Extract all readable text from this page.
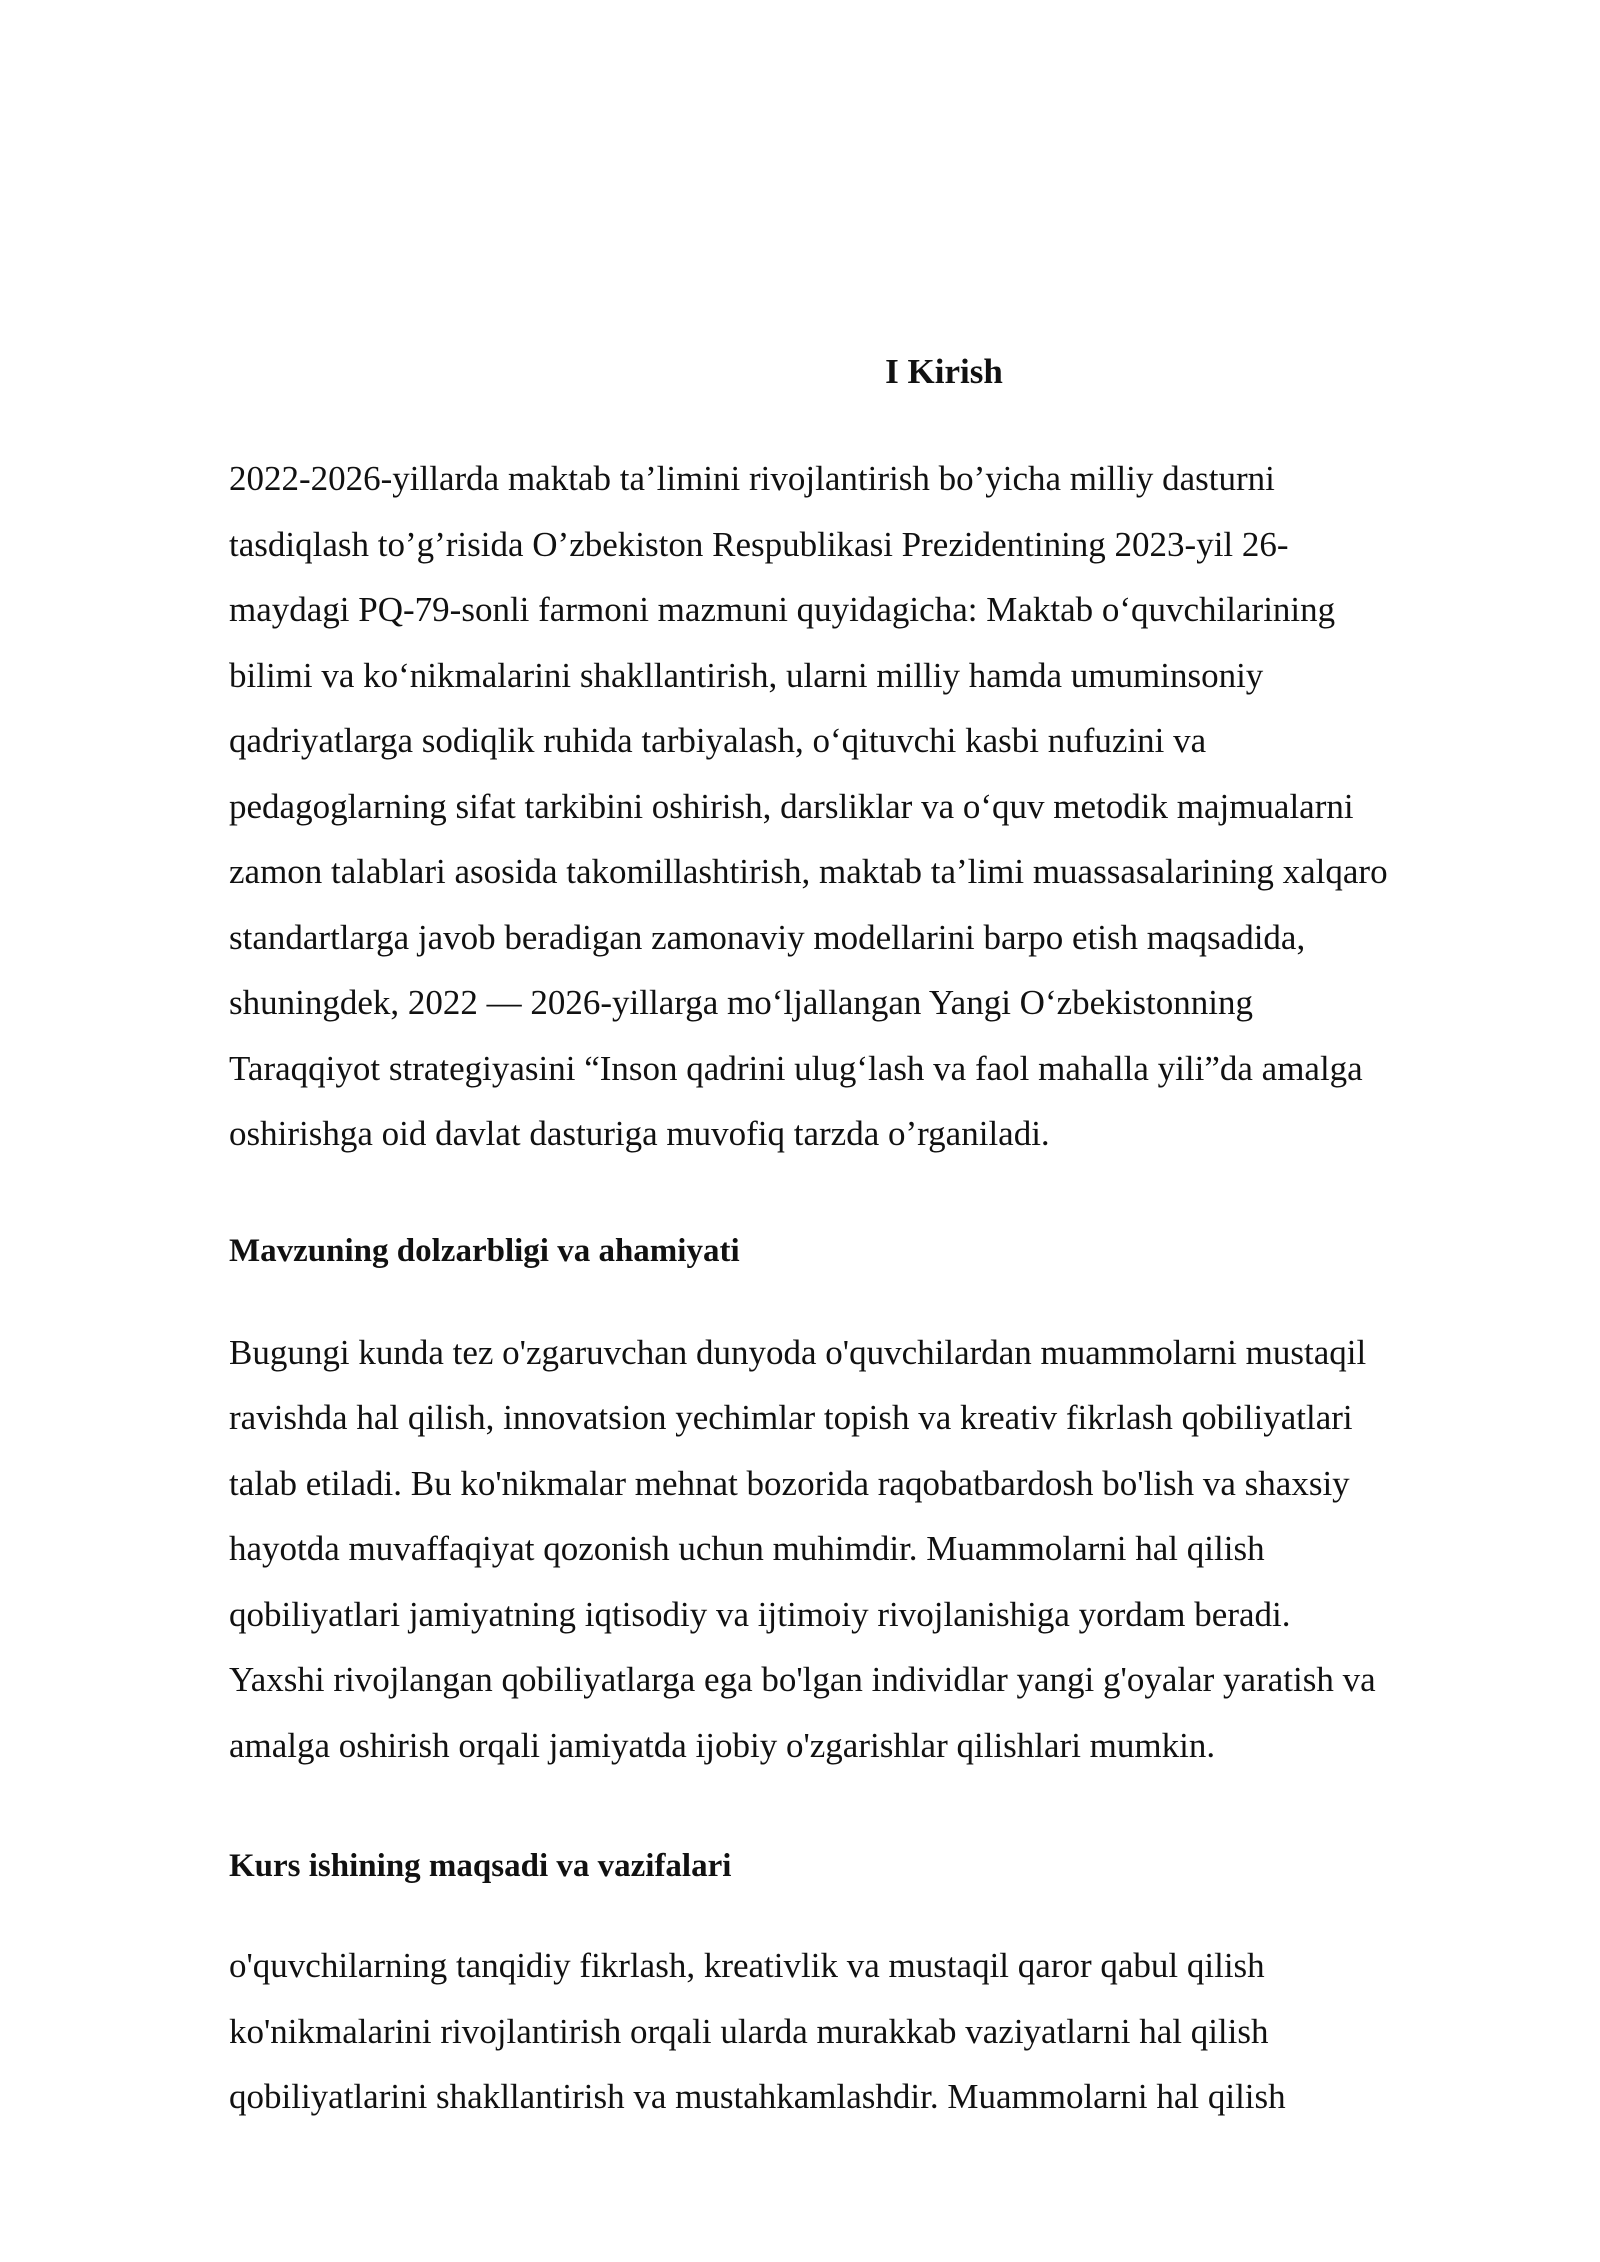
I Kirish

2022-2026-yillarda maktab ta’limini rivojlantirish bo’yicha milliy dasturni
tasdiqlash to’g’risida O’zbekiston Respublikasi Prezidentining 2023-yil 26-
maydagi PQ-79-sonli farmoni mazmuni quyidagicha: Maktab o‘quvchilarining
bilimi va ko‘nikmalarini shakllantirish, ularni milliy hamda umuminsoniy
qadriyatlarga sodiqlik ruhida tarbiyalash, o‘qituvchi kasbi nufuzini va
pedagoglarning sifat tarkibini oshirish, darsliklar va o‘quv metodik majmualarni
zamon talablari asosida takomillashtirish, maktab ta’limi muassasalarining xalqaro
standartlarga javob beradigan zamonaviy modellarini barpo etish maqsadida,
shuningdek, 2022 — 2026-yillarga mo‘ljallangan Yangi O‘zbekistonning
Taraqqiyot strategiyasini “Inson qadrini ulug‘lash va faol mahalla yili”da amalga
oshirishga oid davlat dasturiga muvofiq tarzda o’rganiladi.

Mavzuning dolzarbligi va ahamiyati

Bugungi kunda tez o'zgaruvchan dunyoda o'quvchilardan muammolarni mustaqil
ravishda hal qilish, innovatsion yechimlar topish va kreativ fikrlash qobiliyatlari
talab etiladi. Bu ko'nikmalar mehnat bozorida raqobatbardosh bo'lish va shaxsiy
hayotda muvaffaqiyat qozonish uchun muhimdir. Muammolarni hal qilish
qobiliyatlari jamiyatning iqtisodiy va ijtimoiy rivojlanishiga yordam beradi.
Yaxshi rivojlangan qobiliyatlarga ega bo'lgan individlar yangi g'oyalar yaratish va
amalga oshirish orqali jamiyatda ijobiy o'zgarishlar qilishlari mumkin.

Kurs ishining maqsadi va vazifalari

o'quvchilarning tanqidiy fikrlash, kreativlik va mustaqil qaror qabul qilish
ko'nikmalarini rivojlantirish orqali ularda murakkab vaziyatlarni hal qilish
qobiliyatlarini shakllantirish va mustahkamlashdir. Muammolarni hal qilish
